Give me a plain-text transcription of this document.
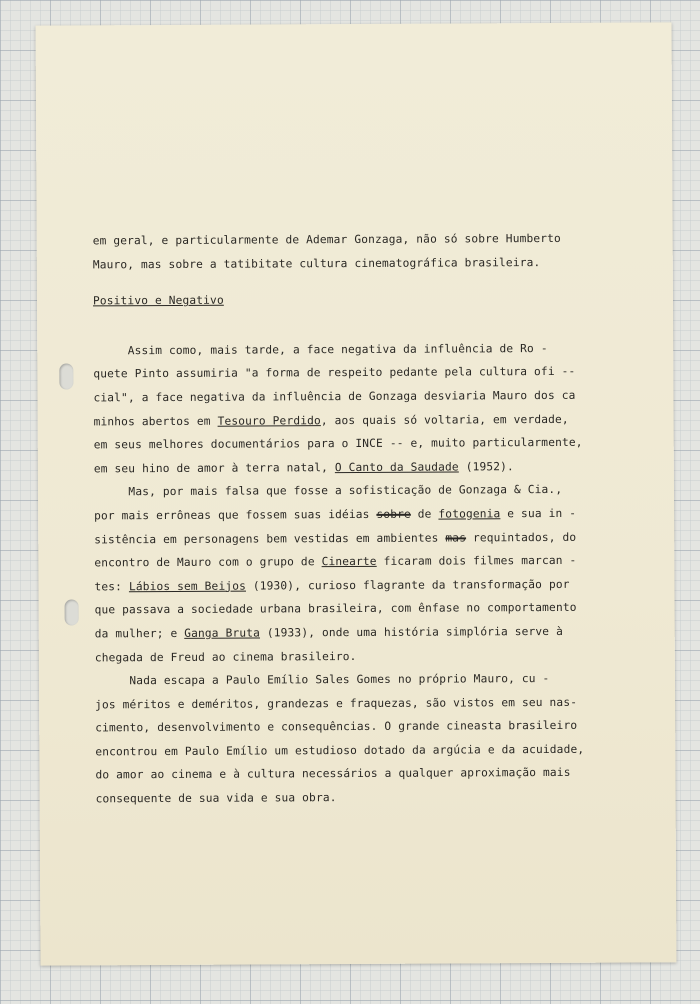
em geral, e particularmente de Ademar Gonzaga, não só sobre Humberto
Mauro, mas sobre a tatibitate cultura cinematográfica brasileira.
Positivo e Negativo
Assim como, mais tarde, a face negativa da influência de Ro -
quete Pinto assumiria "a forma de respeito pedante pela cultura ofi --
cial", a face negativa da influência de Gonzaga desviaria Mauro dos ca
minhos abertos em Tesouro Perdido, aos quais só voltaria, em verdade,
em seus melhores documentários para o INCE -- e, muito particularmente,
em seu hino de amor à terra natal, O Canto da Saudade (1952).
Mas, por mais falsa que fosse a sofisticação de Gonzaga & Cia.,
por mais errôneas que fossem suas idéias sobre de fotogenia e sua in -
sistência em personagens bem vestidas em ambientes mas requintados, do
encontro de Mauro com o grupo de Cinearte ficaram dois filmes marcan -
tes: Lábios sem Beijos (1930), curioso flagrante da transformação por
que passava a sociedade urbana brasileira, com ênfase no comportamento
da mulher; e Ganga Bruta (1933), onde uma história simplória serve à
chegada de Freud ao cinema brasileiro.
Nada escapa a Paulo Emílio Sales Gomes no próprio Mauro, cu -
jos méritos e deméritos, grandezas e fraquezas, são vistos em seu nas-
cimento, desenvolvimento e consequências. O grande cineasta brasileiro
encontrou em Paulo Emílio um estudioso dotado da argúcia e da acuidade,
do amor ao cinema e à cultura necessários a qualquer aproximação mais
consequente de sua vida e sua obra.
